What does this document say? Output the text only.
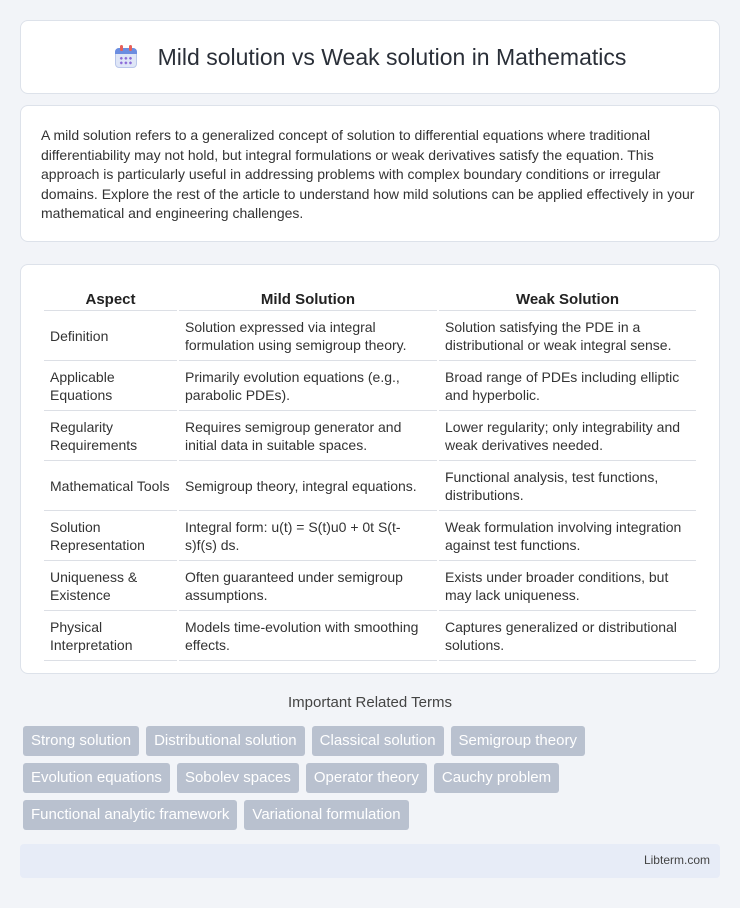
Mild solution vs Weak solution in Mathematics

A mild solution refers to a generalized concept of solution to differential equations where traditional differentiability may not hold, but integral formulations or weak derivatives satisfy the equation. This approach is particularly useful in addressing problems with complex boundary conditions or irregular domains. Explore the rest of the article to understand how mild solutions can be applied effectively in your mathematical and engineering challenges.

Aspect	Mild Solution	Weak Solution
Definition	Solution expressed via integral formulation using semigroup theory.	Solution satisfying the PDE in a distributional or weak integral sense.
Applicable Equations	Primarily evolution equations (e.g., parabolic PDEs).	Broad range of PDEs including elliptic and hyperbolic.
Regularity Requirements	Requires semigroup generator and initial data in suitable spaces.	Lower regularity; only integrability and weak derivatives needed.
Mathematical Tools	Semigroup theory, integral equations.	Functional analysis, test functions, distributions.
Solution Representation	Integral form: u(t) = S(t)u0 + 0t S(t-s)f(s) ds.	Weak formulation involving integration against test functions.
Uniqueness & Existence	Often guaranteed under semigroup assumptions.	Exists under broader conditions, but may lack uniqueness.
Physical Interpretation	Models time-evolution with smoothing effects.	Captures generalized or distributional solutions.
Important Related Terms
Strong solution	Distributional solution	Classical solution	Semigroup theory
Evolution equations	Sobolev spaces	Operator theory	Cauchy problem
Functional analytic framework	Variational formulation
Libterm.com
